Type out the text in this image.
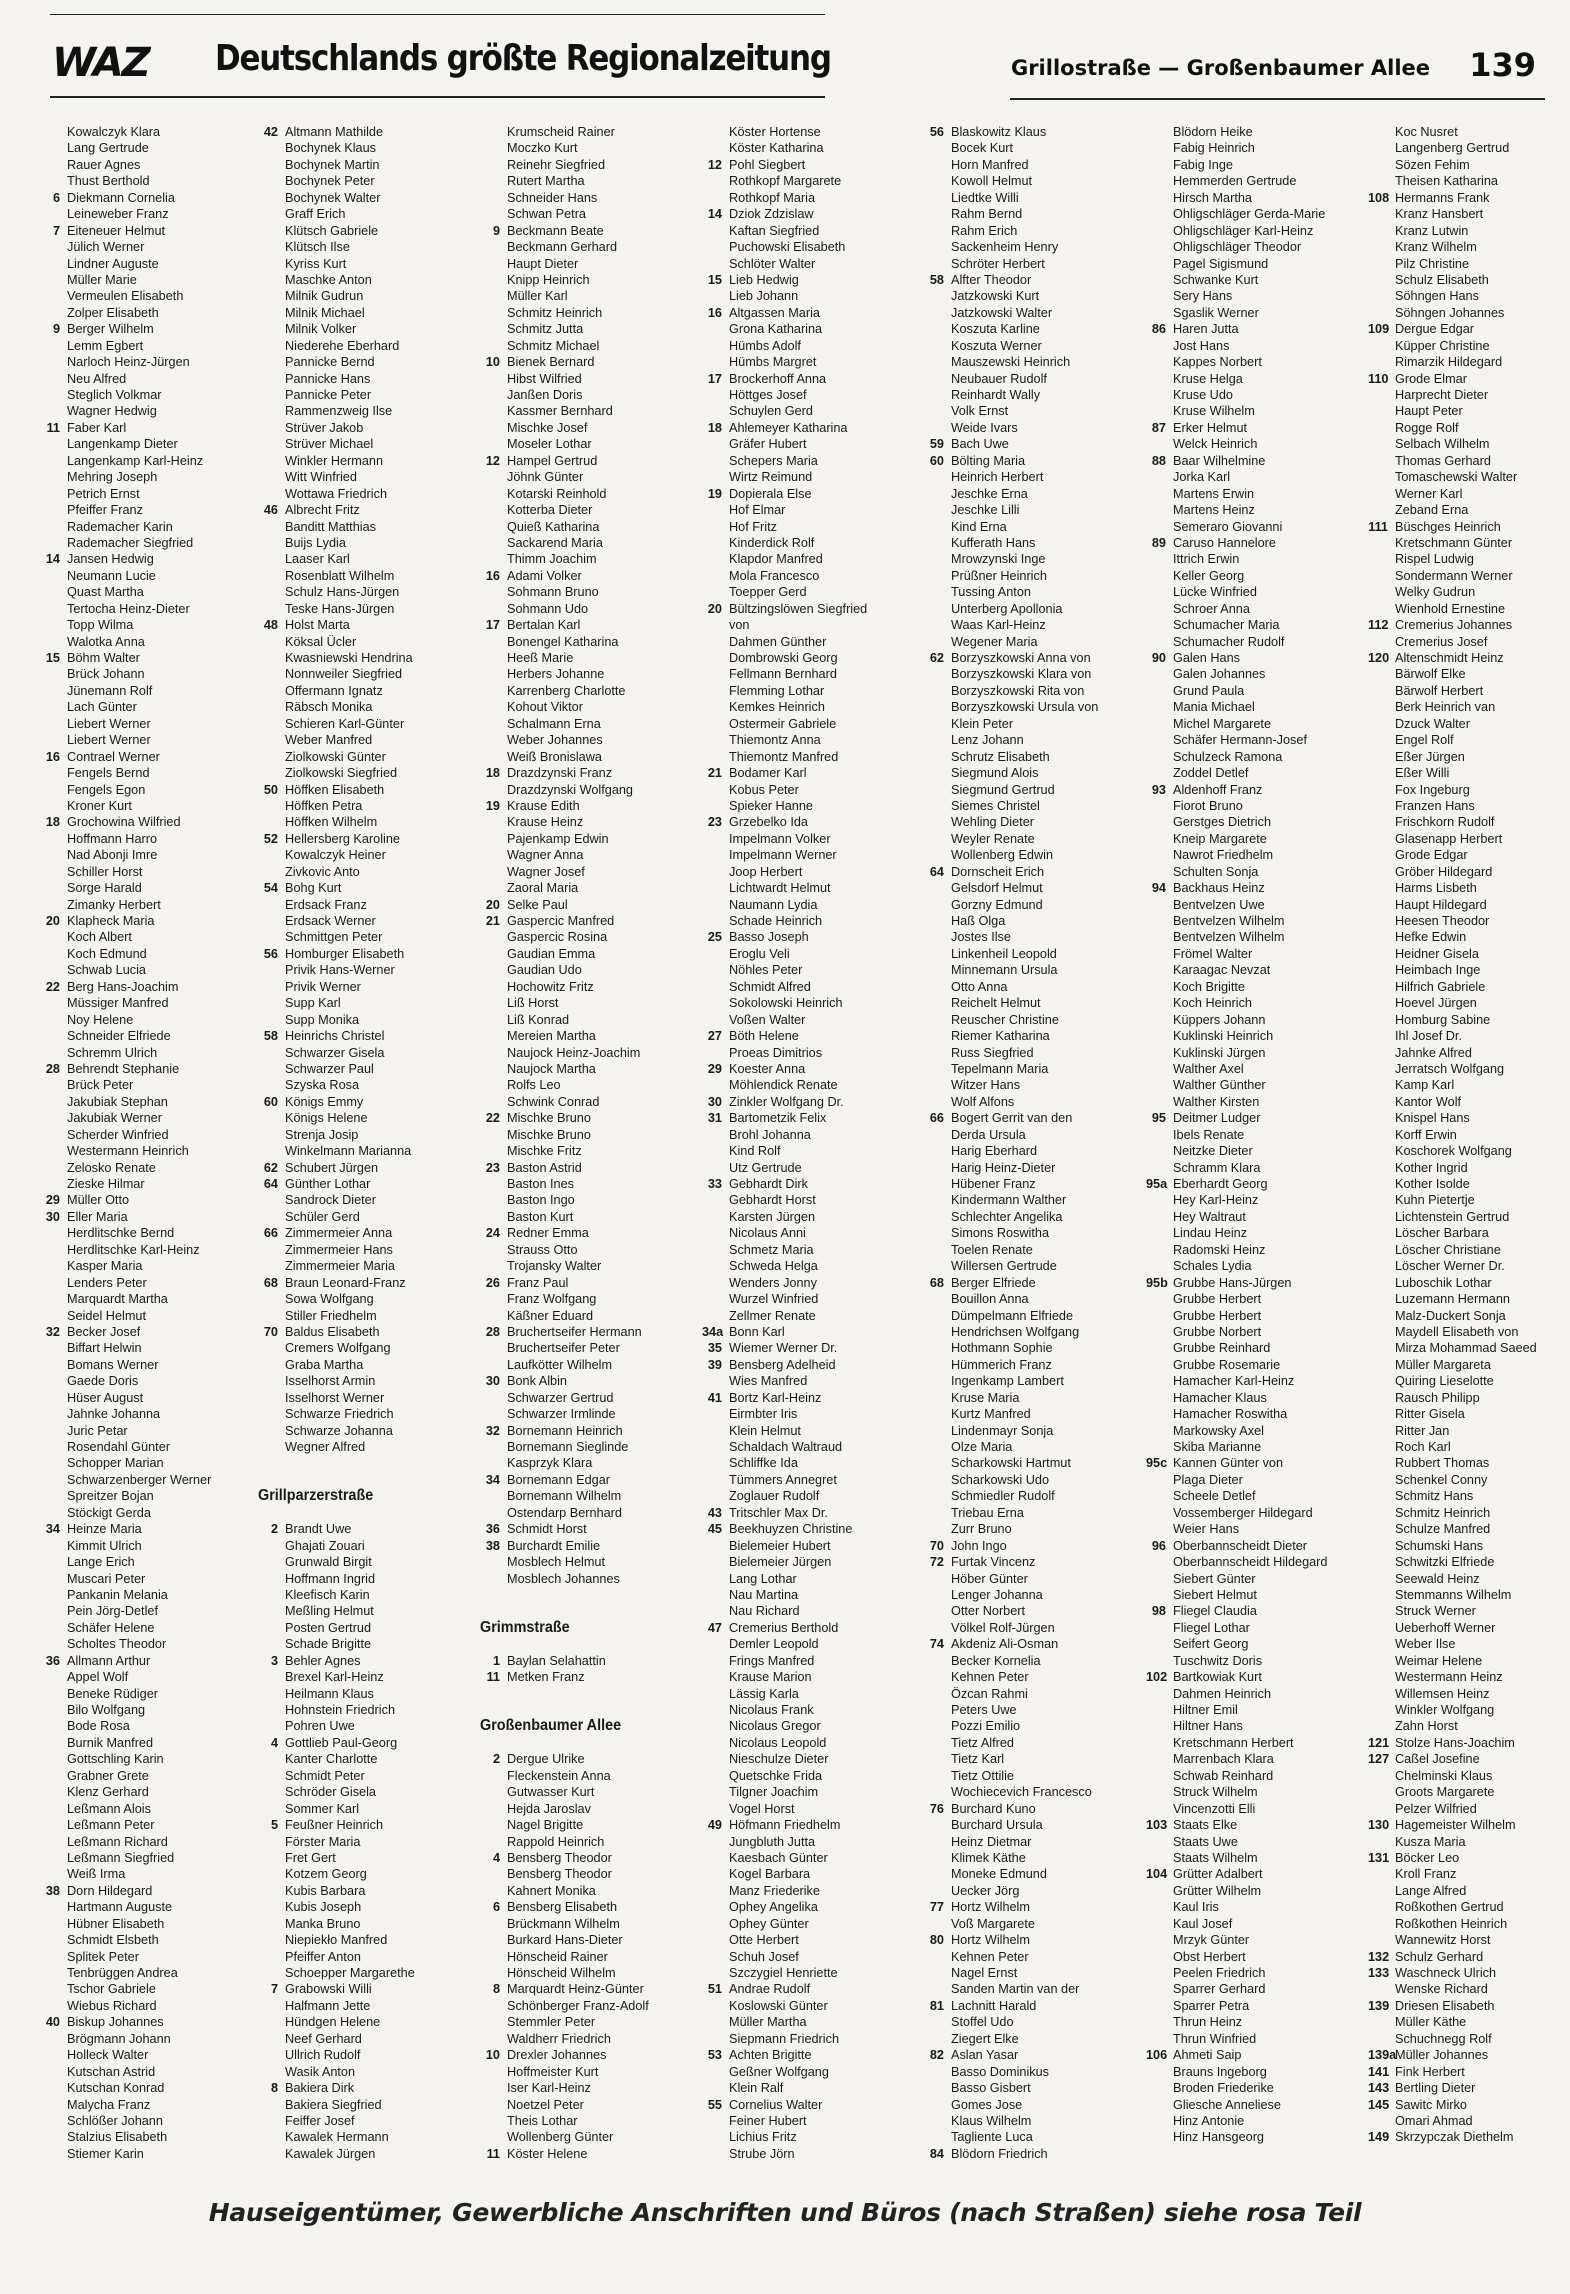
WAZ Deutschlands größte Regionalzeitung	Grillostraße — Großenbaumer Allee 139
Kowalczyk Klara
Lang Gertrude
Rauer Agnes
Thust Berthold
6 Diekmann Cornelia
Leineweber Franz
7 Eiteneuer Helmut
Jülich Werner
Lindner Auguste
Müller Marie
Vermeulen Elisabeth
Zolper Elisabeth
9 Berger Wilhelm
Lemm Egbert
Narloch Heinz-Jürgen
Neu Alfred
Steglich Volkmar
Wagner Hedwig
11 Faber Karl
Langenkamp Dieter
Langenkamp Karl-Heinz
Mehring Joseph
Petrich Ernst
Pfeiffer Franz
Rademacher Karin
Rademacher Siegfried
14 Jansen Hedwig
Neumann Lucie
Quast Martha
Tertocha Heinz-Dieter
Topp Wilma
Walotka Anna
15 Böhm Walter
Brück Johann
Jünemann Rolf
Lach Günter
Liebert Werner
Liebert Werner
16 Contrael Werner
Fengels Bernd
Fengels Egon
Kroner Kurt
18 Grochowina Wilfried
Hoffmann Harro
Nad Abonji Imre
Schiller Horst
Sorge Harald
Zimanky Herbert
20 Klapheck Maria
Koch Albert
Koch Edmund
Schwab Lucia
22 Berg Hans-Joachim
Müssiger Manfred
Noy Helene
Schneider Elfriede
Schremm Ulrich
28 Behrendt Stephanie
Brück Peter
Jakubiak Stephan
Jakubiak Werner
Scherder Winfried
Westermann Heinrich
Zelosko Renate
Zieske Hilmar
29 Müller Otto
30 Eller Maria
Herdlitschke Bernd
Herdlitschke Karl-Heinz
Kasper Maria
Lenders Peter
Marquardt Martha
Seidel Helmut
32 Becker Josef
Biffart Helwin
Bomans Werner
Gaede Doris
Hüser August
Jahnke Johanna
Juric Petar
Rosendahl Günter
Schopper Marian
Schwarzenberger Werner
Spreitzer Bojan
Stöckigt Gerda
34 Heinze Maria
Kimmit Ulrich
Lange Erich
Muscari Peter
Pankanin Melania
Pein Jörg-Detlef
Schäfer Helene
Scholtes Theodor
36 Allmann Arthur
Appel Wolf
Beneke Rüdiger
Bilo Wolfgang
Bode Rosa
Burnik Manfred
Gottschling Karin
Grabner Grete
Klenz Gerhard
Leßmann Alois
Leßmann Peter
Leßmann Richard
Leßmann Siegfried
Weiß Irma
38 Dorn Hildegard
Hartmann Auguste
Hübner Elisabeth
Schmidt Elsbeth
Splitek Peter
Tenbrüggen Andrea
Tschor Gabriele
Wiebus Richard
40 Biskup Johannes
Brögmann Johann
Holleck Walter
Kutschan Astrid
Kutschan Konrad
Malycha Franz
Schlößer Johann
Stalzius Elisabeth
Stiemer Karin
42 Altmann Mathilde
Bochynek Klaus
Bochynek Martin
Bochynek Peter
Bochynek Walter
Graff Erich
Klütsch Gabriele
Klütsch Ilse
Kyriss Kurt
Maschke Anton
Milnik Gudrun
Milnik Michael
Milnik Volker
Niederehe Eberhard
Pannicke Bernd
Pannicke Hans
Pannicke Peter
Rammenzweig Ilse
Strüver Jakob
Strüver Michael
Winkler Hermann
Witt Winfried
Wottawa Friedrich
46 Albrecht Fritz
Banditt Matthias
Buijs Lydia
Laaser Karl
Rosenblatt Wilhelm
Schulz Hans-Jürgen
Teske Hans-Jürgen
48 Holst Marta
Köksal Ücler
Kwasniewski Hendrina
Nonnweiler Siegfried
Offermann Ignatz
Räbsch Monika
Schieren Karl-Günter
Weber Manfred
Ziolkowski Günter
Ziolkowski Siegfried
50 Höffken Elisabeth
Höffken Petra
Höffken Wilhelm
52 Hellersberg Karoline
Kowalczyk Heiner
Zivkovic Anto
54 Bohg Kurt
Erdsack Franz
Erdsack Werner
Schmittgen Peter
56 Homburger Elisabeth
Privik Hans-Werner
Privik Werner
Supp Karl
Supp Monika
58 Heinrichs Christel
Schwarzer Gisela
Schwarzer Paul
Szyska Rosa
60 Königs Emmy
Königs Helene
Strenja Josip
Winkelmann Marianna
62 Schubert Jürgen
64 Günther Lothar
Sandrock Dieter
Schüler Gerd
66 Zimmermeier Anna
Zimmermeier Hans
Zimmermeier Maria
68 Braun Leonard-Franz
Sowa Wolfgang
Stiller Friedhelm
70 Baldus Elisabeth
Cremers Wolfgang
Graba Martha
Isselhorst Armin
Isselhorst Werner
Schwarze Friedrich
Schwarze Johanna
Wegner Alfred
Grillparzerstraße
2 Brandt Uwe
Ghajati Zouari
Grunwald Birgit
Hoffmann Ingrid
Kleefisch Karin
Meßling Helmut
Posten Gertrud
Schade Brigitte
3 Behler Agnes
Brexel Karl-Heinz
Heilmann Klaus
Hohnstein Friedrich
Pohren Uwe
4 Gottlieb Paul-Georg
Kanter Charlotte
Schmidt Peter
Schröder Gisela
Sommer Karl
5 Feußner Heinrich
Förster Maria
Fret Gert
Kotzem Georg
Kubis Barbara
Kubis Joseph
Manka Bruno
Niepiekło Manfred
Pfeiffer Anton
Schoepper Margarethe
7 Grabowski Willi
Halfmann Jette
Hündgen Helene
Neef Gerhard
Ullrich Rudolf
Wasik Anton
8 Bakiera Dirk
Bakiera Siegfried
Feiffer Josef
Kawalek Hermann
Kawalek Jürgen
Krumscheid Rainer
Moczko Kurt
Reinehr Siegfried
Rutert Martha
Schneider Hans
Schwan Petra
9 Beckmann Beate
Beckmann Gerhard
Haupt Dieter
Knipp Heinrich
Müller Karl
Schmitz Heinrich
Schmitz Jutta
Schmitz Michael
10 Bienek Bernard
Hibst Wilfried
Janßen Doris
Kassmer Bernhard
Mischke Josef
Moseler Lothar
12 Hampel Gertrud
Jöhnk Günter
Kotarski Reinhold
Kotterba Dieter
Quieß Katharina
Sackarend Maria
Thimm Joachim
16 Adami Volker
Sohmann Bruno
Sohmann Udo
17 Bertalan Karl
Bonengel Katharina
Heeß Marie
Herbers Johanne
Karrenberg Charlotte
Kohout Viktor
Schalmann Erna
Weber Johannes
Weiß Bronislawa
18 Drazdzynski Franz
Drazdzynski Wolfgang
19 Krause Edith
Krause Heinz
Pajenkamp Edwin
Wagner Anna
Wagner Josef
Zaoral Maria
20 Selke Paul
21 Gaspercic Manfred
Gaspercic Rosina
Gaudian Emma
Gaudian Udo
Hochowitz Fritz
Liß Horst
Liß Konrad
Mereien Martha
Naujock Heinz-Joachim
Naujock Martha
Rolfs Leo
Schwink Conrad
22 Mischke Bruno
Mischke Bruno
Mischke Fritz
23 Baston Astrid
Baston Ines
Baston Ingo
Baston Kurt
24 Redner Emma
Strauss Otto
Trojansky Walter
26 Franz Paul
Franz Wolfgang
Käßner Eduard
28 Bruchertseifer Hermann
Bruchertseifer Peter
Laufkötter Wilhelm
30 Bonk Albin
Schwarzer Gertrud
Schwarzer Irmlinde
32 Bornemann Heinrich
Bornemann Sieglinde
Kasprzyk Klara
34 Bornemann Edgar
Bornemann Wilhelm
Ostendarp Bernhard
36 Schmidt Horst
38 Burchardt Emilie
Mosblech Helmut
Mosblech Johannes
Grimmstraße
1 Baylan Selahattin
11 Metken Franz
Großenbaumer Allee
2 Dergue Ulrike
Fleckenstein Anna
Gutwasser Kurt
Hejda Jaroslav
Nagel Brigitte
Rappold Heinrich
4 Bensberg Theodor
Bensberg Theodor
Kahnert Monika
6 Bensberg Elisabeth
Brückmann Wilhelm
Burkard Hans-Dieter
Hönscheid Rainer
Hönscheid Wilhelm
8 Marquardt Heinz-Günter
Schönberger Franz-Adolf
Stemmler Peter
Waldherr Friedrich
10 Drexler Johannes
Hoffmeister Kurt
Iser Karl-Heinz
Noetzel Peter
Theis Lothar
Wollenberg Günter
11 Köster Helene
Köster Hortense
Köster Katharina
12 Pohl Siegbert
Rothkopf Margarete
Rothkopf Maria
14 Dziok Zdzislaw
Kaftan Siegfried
Puchowski Elisabeth
Schlöter Walter
15 Lieb Hedwig
Lieb Johann
16 Altgassen Maria
Grona Katharina
Hümbs Adolf
Hümbs Margret
17 Brockerhoff Anna
Höttges Josef
Schuylen Gerd
18 Ahlemeyer Katharina
Gräfer Hubert
Schepers Maria
Wirtz Reimund
19 Dopierala Else
Hof Elmar
Hof Fritz
Kinderdick Rolf
Klapdor Manfred
Mola Francesco
Toepper Gerd
20 Bültzingslöwen Siegfried
von
Dahmen Günther
Dombrowski Georg
Fellmann Bernhard
Flemming Lothar
Kemkes Heinrich
Ostermeir Gabriele
Thiemontz Anna
Thiemontz Manfred
21 Bodamer Karl
Kobus Peter
Spieker Hanne
23 Grzebelko Ida
Impelmann Volker
Impelmann Werner
Joop Herbert
Lichtwardt Helmut
Naumann Lydia
Schade Heinrich
25 Basso Joseph
Eroglu Veli
Nöhles Peter
Schmidt Alfred
Sokolowski Heinrich
Voßen Walter
27 Böth Helene
Proeas Dimitrios
29 Koester Anna
Möhlendick Renate
30 Zinkler Wolfgang Dr.
31 Bartometzik Felix
Brohl Johanna
Kind Rolf
Utz Gertrude
33 Gebhardt Dirk
Gebhardt Horst
Karsten Jürgen
Nicolaus Anni
Schmetz Maria
Schweda Helga
Wenders Jonny
Wurzel Winfried
Zellmer Renate
34a Bonn Karl
35 Wiemer Werner Dr.
39 Bensberg Adelheid
Wies Manfred
41 Bortz Karl-Heinz
Eirmbter Iris
Klein Helmut
Schaldach Waltraud
Schliffke Ida
Tümmers Annegret
Zoglauer Rudolf
43 Tritschler Max Dr.
45 Beekhuyzen Christine
Bielemeier Hubert
Bielemeier Jürgen
Lang Lothar
Nau Martina
Nau Richard
47 Cremerius Berthold
Demler Leopold
Frings Manfred
Krause Marion
Lässig Karla
Nicolaus Frank
Nicolaus Gregor
Nicolaus Leopold
Nieschulze Dieter
Quetschke Frida
Tilgner Joachim
Vogel Horst
49 Höfmann Friedhelm
Jungbluth Jutta
Kaesbach Günter
Kogel Barbara
Manz Friederike
Ophey Angelika
Ophey Günter
Otte Herbert
Schuh Josef
Szczygiel Henriette
51 Andrae Rudolf
Koslowski Günter
Müller Martha
Siepmann Friedrich
53 Achten Brigitte
Geßner Wolfgang
Klein Ralf
55 Cornelius Walter
Feiner Hubert
Lichius Fritz
Strube Jörn
56 Blaskowitz Klaus
Bocek Kurt
Horn Manfred
Kowoll Helmut
Liedtke Willi
Rahm Bernd
Rahm Erich
Sackenheim Henry
Schröter Herbert
58 Alfter Theodor
Jatzkowski Kurt
Jatzkowski Walter
Koszuta Karline
Koszuta Werner
Mauszewski Heinrich
Neubauer Rudolf
Reinhardt Wally
Volk Ernst
Weide Ivars
59 Bach Uwe
60 Bölting Maria
Heinrich Herbert
Jeschke Erna
Jeschke Lilli
Kind Erna
Kufferath Hans
Mrowzynski Inge
Prüßner Heinrich
Tussing Anton
Unterberg Apollonia
Waas Karl-Heinz
Wegener Maria
62 Borzyszkowski Anna von
Borzyszkowski Klara von
Borzyszkowski Rita von
Borzyszkowski Ursula von
Klein Peter
Lenz Johann
Schrutz Elisabeth
Siegmund Alois
Siegmund Gertrud
Siemes Christel
Wehling Dieter
Weyler Renate
Wollenberg Edwin
64 Dornscheit Erich
Gelsdorf Helmut
Gorzny Edmund
Haß Olga
Jostes Ilse
Linkenheil Leopold
Minnemann Ursula
Otto Anna
Reichelt Helmut
Reuscher Christine
Riemer Katharina
Russ Siegfried
Tepelmann Maria
Witzer Hans
Wolf Alfons
66 Bogert Gerrit van den
Derda Ursula
Harig Eberhard
Harig Heinz-Dieter
Hübener Franz
Kindermann Walther
Schlechter Angelika
Simons Roswitha
Toelen Renate
Willersen Gertrude
68 Berger Elfriede
Bouillon Anna
Dümpelmann Elfriede
Hendrichsen Wolfgang
Hothmann Sophie
Hümmerich Franz
Ingenkamp Lambert
Kruse Maria
Kurtz Manfred
Lindenmayr Sonja
Olze Maria
Scharkowski Hartmut
Scharkowski Udo
Schmiedler Rudolf
Triebau Erna
Zurr Bruno
70 John Ingo
72 Furtak Vincenz
Höber Günter
Lenger Johanna
Otter Norbert
Völkel Rolf-Jürgen
74 Akdeniz Ali-Osman
Becker Kornelia
Kehnen Peter
Özcan Rahmi
Peters Uwe
Pozzi Emilio
Tietz Alfred
Tietz Karl
Tietz Ottilie
Wochiecevich Francesco
76 Burchard Kuno
Burchard Ursula
Heinz Dietmar
Klimek Käthe
Moneke Edmund
Uecker Jörg
77 Hortz Wilhelm
Voß Margarete
80 Hortz Wilhelm
Kehnen Peter
Nagel Ernst
Sanden Martin van der
81 Lachnitt Harald
Stoffel Udo
Ziegert Elke
82 Aslan Yasar
Basso Dominikus
Basso Gisbert
Gomes Jose
Klaus Wilhelm
Tagliente Luca
84 Blödorn Friedrich
Blödorn Heike
Fabig Heinrich
Fabig Inge
Hemmerden Gertrude
Hirsch Martha
Ohligschläger Gerda-Marie
Ohligschläger Karl-Heinz
Ohligschläger Theodor
Pagel Sigismund
Schwanke Kurt
Sery Hans
Sgaslik Werner
86 Haren Jutta
Jost Hans
Kappes Norbert
Kruse Helga
Kruse Udo
Kruse Wilhelm
87 Erker Helmut
Welck Heinrich
88 Baar Wilhelmine
Jorka Karl
Martens Erwin
Martens Heinz
Semeraro Giovanni
89 Caruso Hannelore
Ittrich Erwin
Keller Georg
Lücke Winfried
Schroer Anna
Schumacher Maria
Schumacher Rudolf
90 Galen Hans
Galen Johannes
Grund Paula
Mania Michael
Michel Margarete
Schäfer Hermann-Josef
Schulzeck Ramona
Zoddel Detlef
93 Aldenhoff Franz
Fiorot Bruno
Gerstges Dietrich
Kneip Margarete
Nawrot Friedhelm
Schulten Sonja
94 Backhaus Heinz
Bentvelzen Uwe
Bentvelzen Wilhelm
Bentvelzen Wilhelm
Frömel Walter
Karaagac Nevzat
Koch Brigitte
Koch Heinrich
Küppers Johann
Kuklinski Heinrich
Kuklinski Jürgen
Walther Axel
Walther Günther
Walther Kirsten
95 Deitmer Ludger
Ibels Renate
Neitzke Dieter
Schramm Klara
95a Eberhardt Georg
Hey Karl-Heinz
Hey Waltraut
Lindau Heinz
Radomski Heinz
Schales Lydia
95b Grubbe Hans-Jürgen
Grubbe Herbert
Grubbe Herbert
Grubbe Norbert
Grubbe Reinhard
Grubbe Rosemarie
Hamacher Karl-Heinz
Hamacher Klaus
Hamacher Roswitha
Markowsky Axel
Skiba Marianne
95c Kannen Günter von
Plaga Dieter
Scheele Detlef
Vossemberger Hildegard
Weier Hans
96 Oberbannscheidt Dieter
Oberbannscheidt Hildegard
Siebert Günter
Siebert Helmut
98 Fliegel Claudia
Fliegel Lothar
Seifert Georg
Tuschwitz Doris
102 Bartkowiak Kurt
Dahmen Heinrich
Hiltner Emil
Hiltner Hans
Kretschmann Herbert
Marrenbach Klara
Schwab Reinhard
Struck Wilhelm
Vincenzotti Elli
103 Staats Elke
Staats Uwe
Staats Wilhelm
104 Grütter Adalbert
Grütter Wilhelm
Kaul Iris
Kaul Josef
Mrzyk Günter
Obst Herbert
Peelen Friedrich
Sparrer Gerhard
Sparrer Petra
Thrun Heinz
Thrun Winfried
106 Ahmeti Saip
Brauns Ingeborg
Broden Friederike
Gliesche Anneliese
Hinz Antonie
Hinz Hansgeorg
Koc Nusret
Langenberg Gertrud
Sözen Fehim
Theisen Katharina
108 Hermanns Frank
Kranz Hansbert
Kranz Lutwin
Kranz Wilhelm
Pilz Christine
Schulz Elisabeth
Söhngen Hans
Söhngen Johannes
109 Dergue Edgar
Küpper Christine
Rimarzik Hildegard
110 Grode Elmar
Harprecht Dieter
Haupt Peter
Rogge Rolf
Selbach Wilhelm
Thomas Gerhard
Tomaschewski Walter
Werner Karl
Zeband Erna
111 Büschges Heinrich
Kretschmann Günter
Rispel Ludwig
Sondermann Werner
Welky Gudrun
Wienhold Ernestine
112 Cremerius Johannes
Cremerius Josef
120 Altenschmidt Heinz
Bärwolf Elke
Bärwolf Herbert
Berk Heinrich van
Dzuck Walter
Engel Rolf
Eßer Jürgen
Eßer Willi
Fox Ingeburg
Franzen Hans
Frischkorn Rudolf
Glasenapp Herbert
Grode Edgar
Gröber Hildegard
Harms Lisbeth
Haupt Hildegard
Heesen Theodor
Hefke Edwin
Heidner Gisela
Heimbach Inge
Hilfrich Gabriele
Hoevel Jürgen
Homburg Sabine
Ihl Josef Dr.
Jahnke Alfred
Jerratsch Wolfgang
Kamp Karl
Kantor Wolf
Knispel Hans
Korff Erwin
Koschorek Wolfgang
Kother Ingrid
Kother Isolde
Kuhn Pietertje
Lichtenstein Gertrud
Löscher Barbara
Löscher Christiane
Löscher Werner Dr.
Luboschik Lothar
Luzemann Hermann
Malz-Duckert Sonja
Maydell Elisabeth von
Mirza Mohammad Saeed
Müller Margareta
Quiring Lieselotte
Rausch Philipp
Ritter Gisela
Ritter Jan
Roch Karl
Rubbert Thomas
Schenkel Conny
Schmitz Hans
Schmitz Heinrich
Schulze Manfred
Schumski Hans
Schwitzki Elfriede
Seewald Heinz
Stemmanns Wilhelm
Struck Werner
Ueberhoff Werner
Weber Ilse
Weimar Helene
Westermann Heinz
Willemsen Heinz
Winkler Wolfgang
Zahn Horst
121 Stolze Hans-Joachim
127 Caßel Josefine
Chelminski Klaus
Groots Margarete
Pelzer Wilfried
130 Hagemeister Wilhelm
Kusza Maria
131 Böcker Leo
Kroll Franz
Lange Alfred
Roßkothen Gertrud
Roßkothen Heinrich
Wannewitz Horst
132 Schulz Gerhard
133 Waschneck Ulrich
Wenske Richard
139 Driesen Elisabeth
Müller Käthe
Schuchnegg Rolf
139a
Müller Johannes
141 Fink Herbert
143 Bertling Dieter
145 Sawitc Mirko
Omari Ahmad
149 Skrzypczak Diethelm
Hauseigentümer, Gewerbliche Anschriften und Büros (nach Straßen) siehe rosa Teil
